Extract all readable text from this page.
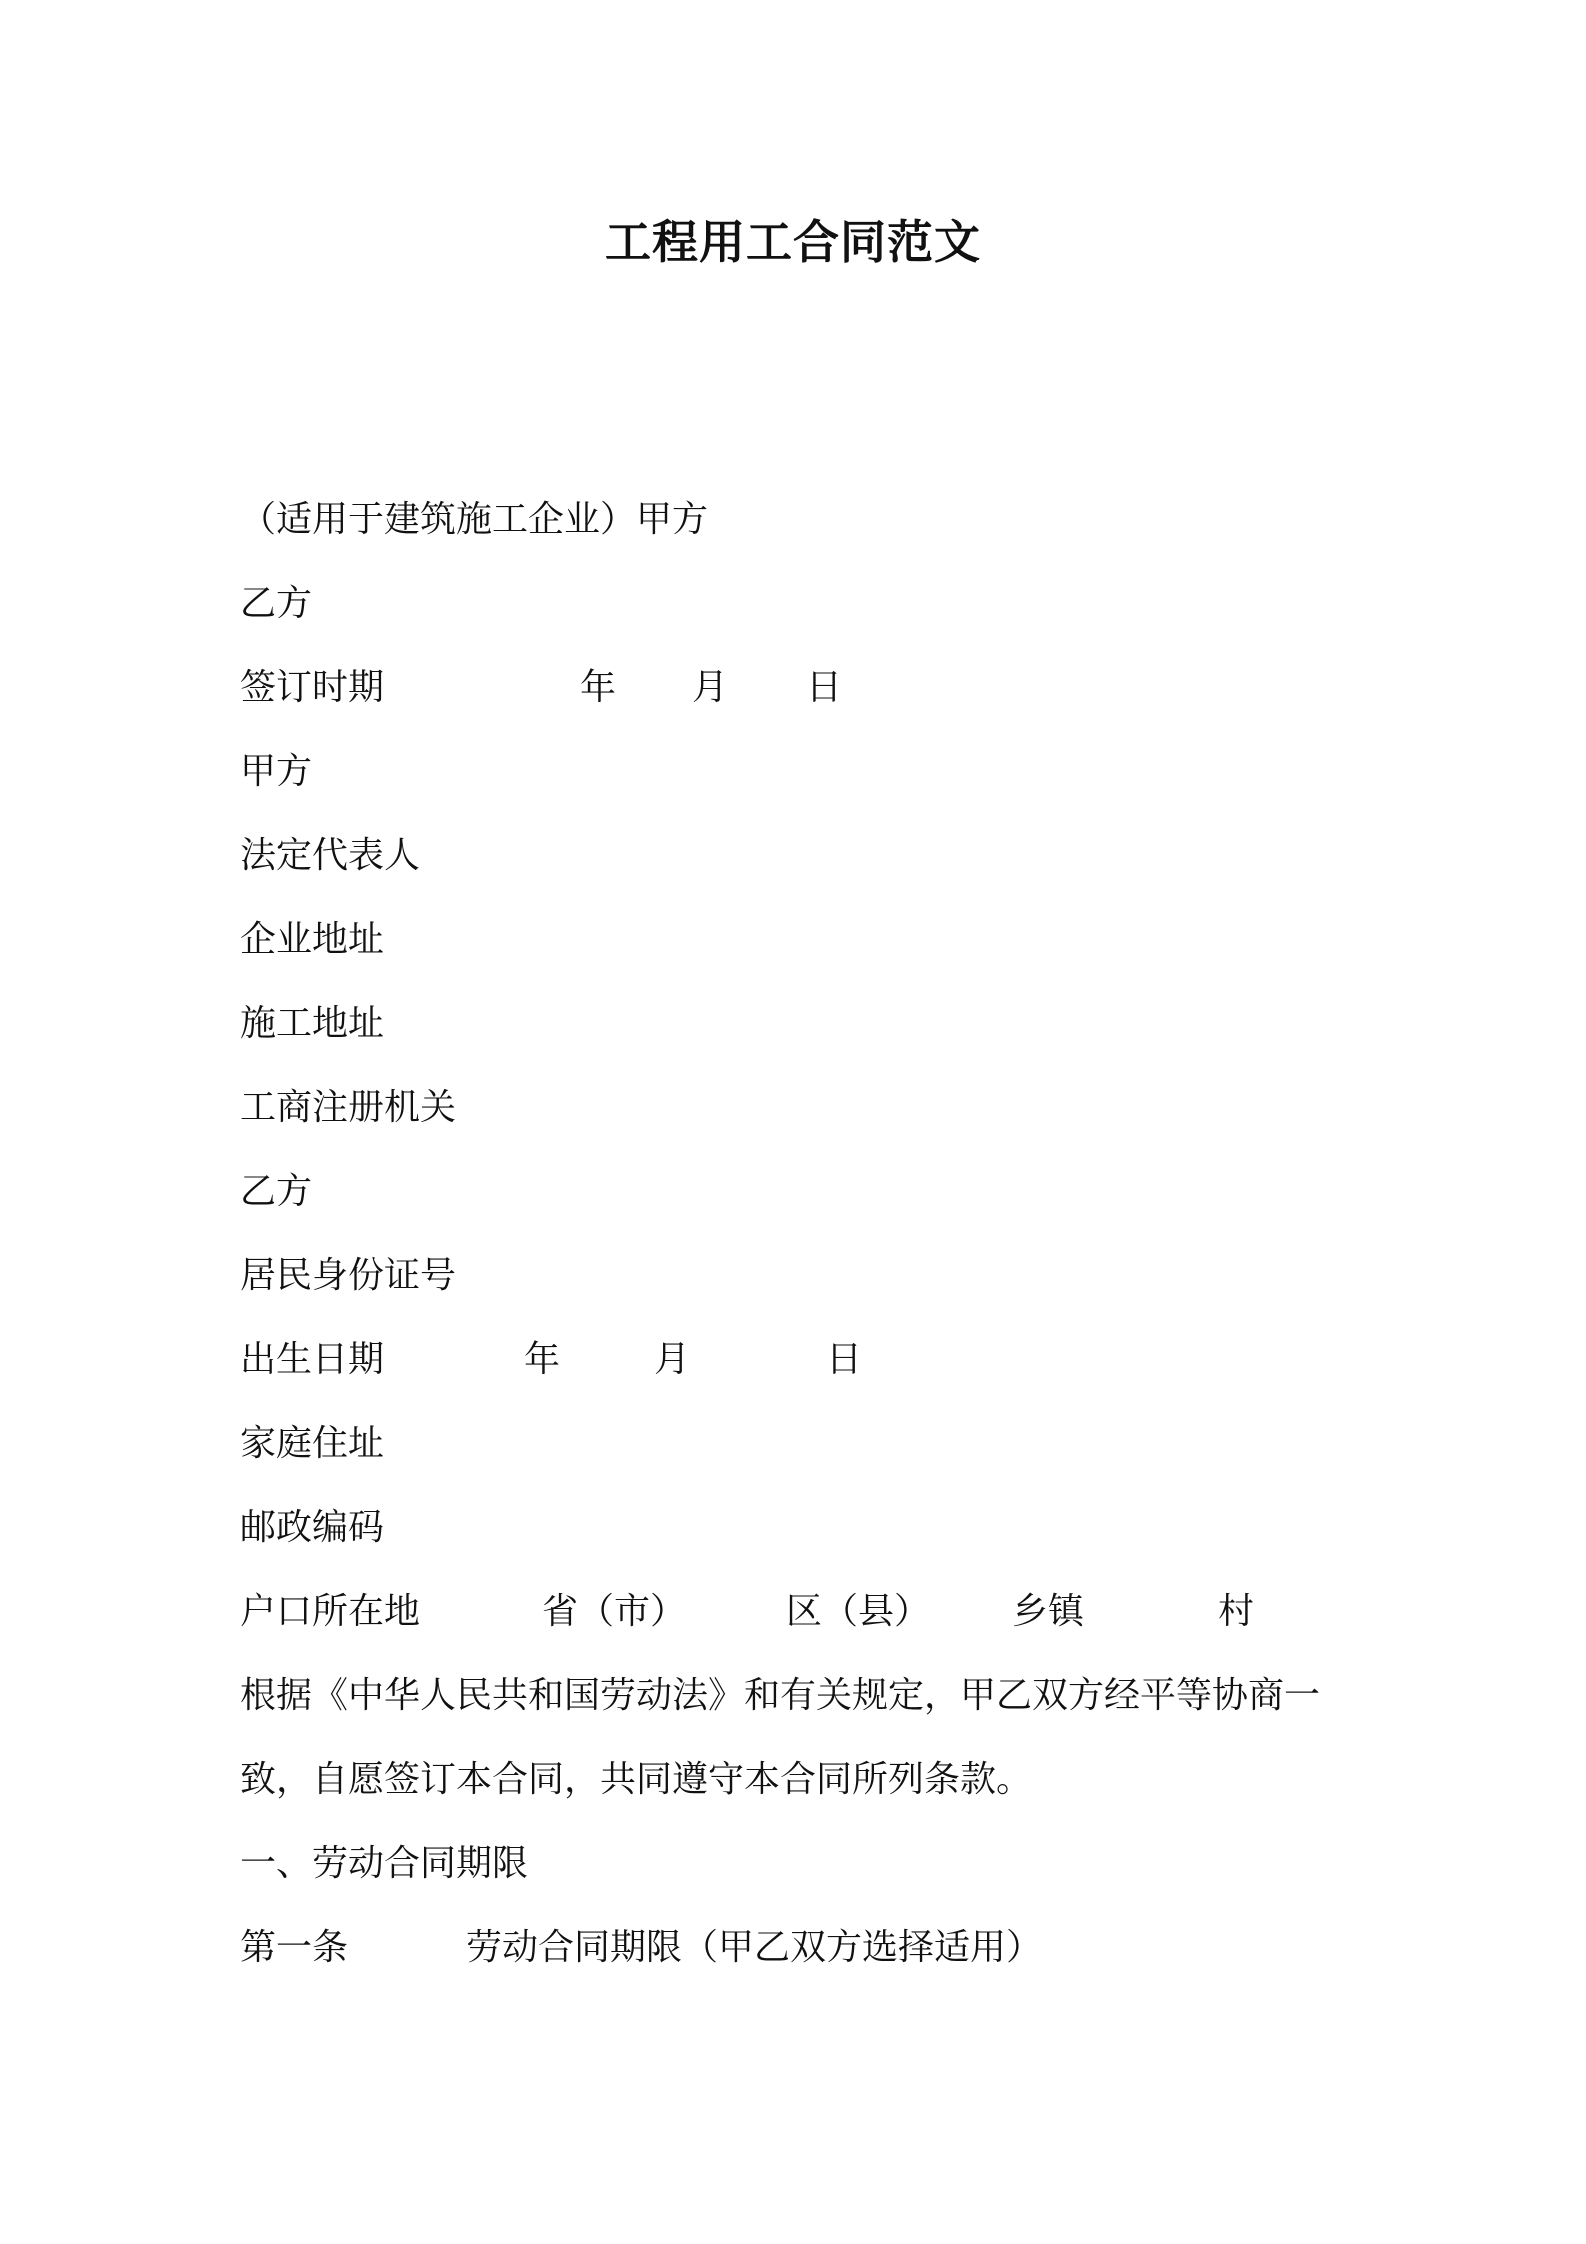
工程用工合同范文
（适用于建筑施工企业）甲方
乙方
签订时期	年 月 日
甲方
法定代表人
企业地址
施工地址
工商注册机关
乙方
居民身份证号
出生日期	年	月	日
家庭住址
邮政编码
户口所在地	省（市）	区（县） 乡镇	村
根据《中华人民共和国劳动法》和有关规定，甲乙双方经平等协商一
致，自愿签订本合同，共同遵守本合同所列条款。
一、劳动合同期限
第一条	劳动合同期限（甲乙双方选择适用）
